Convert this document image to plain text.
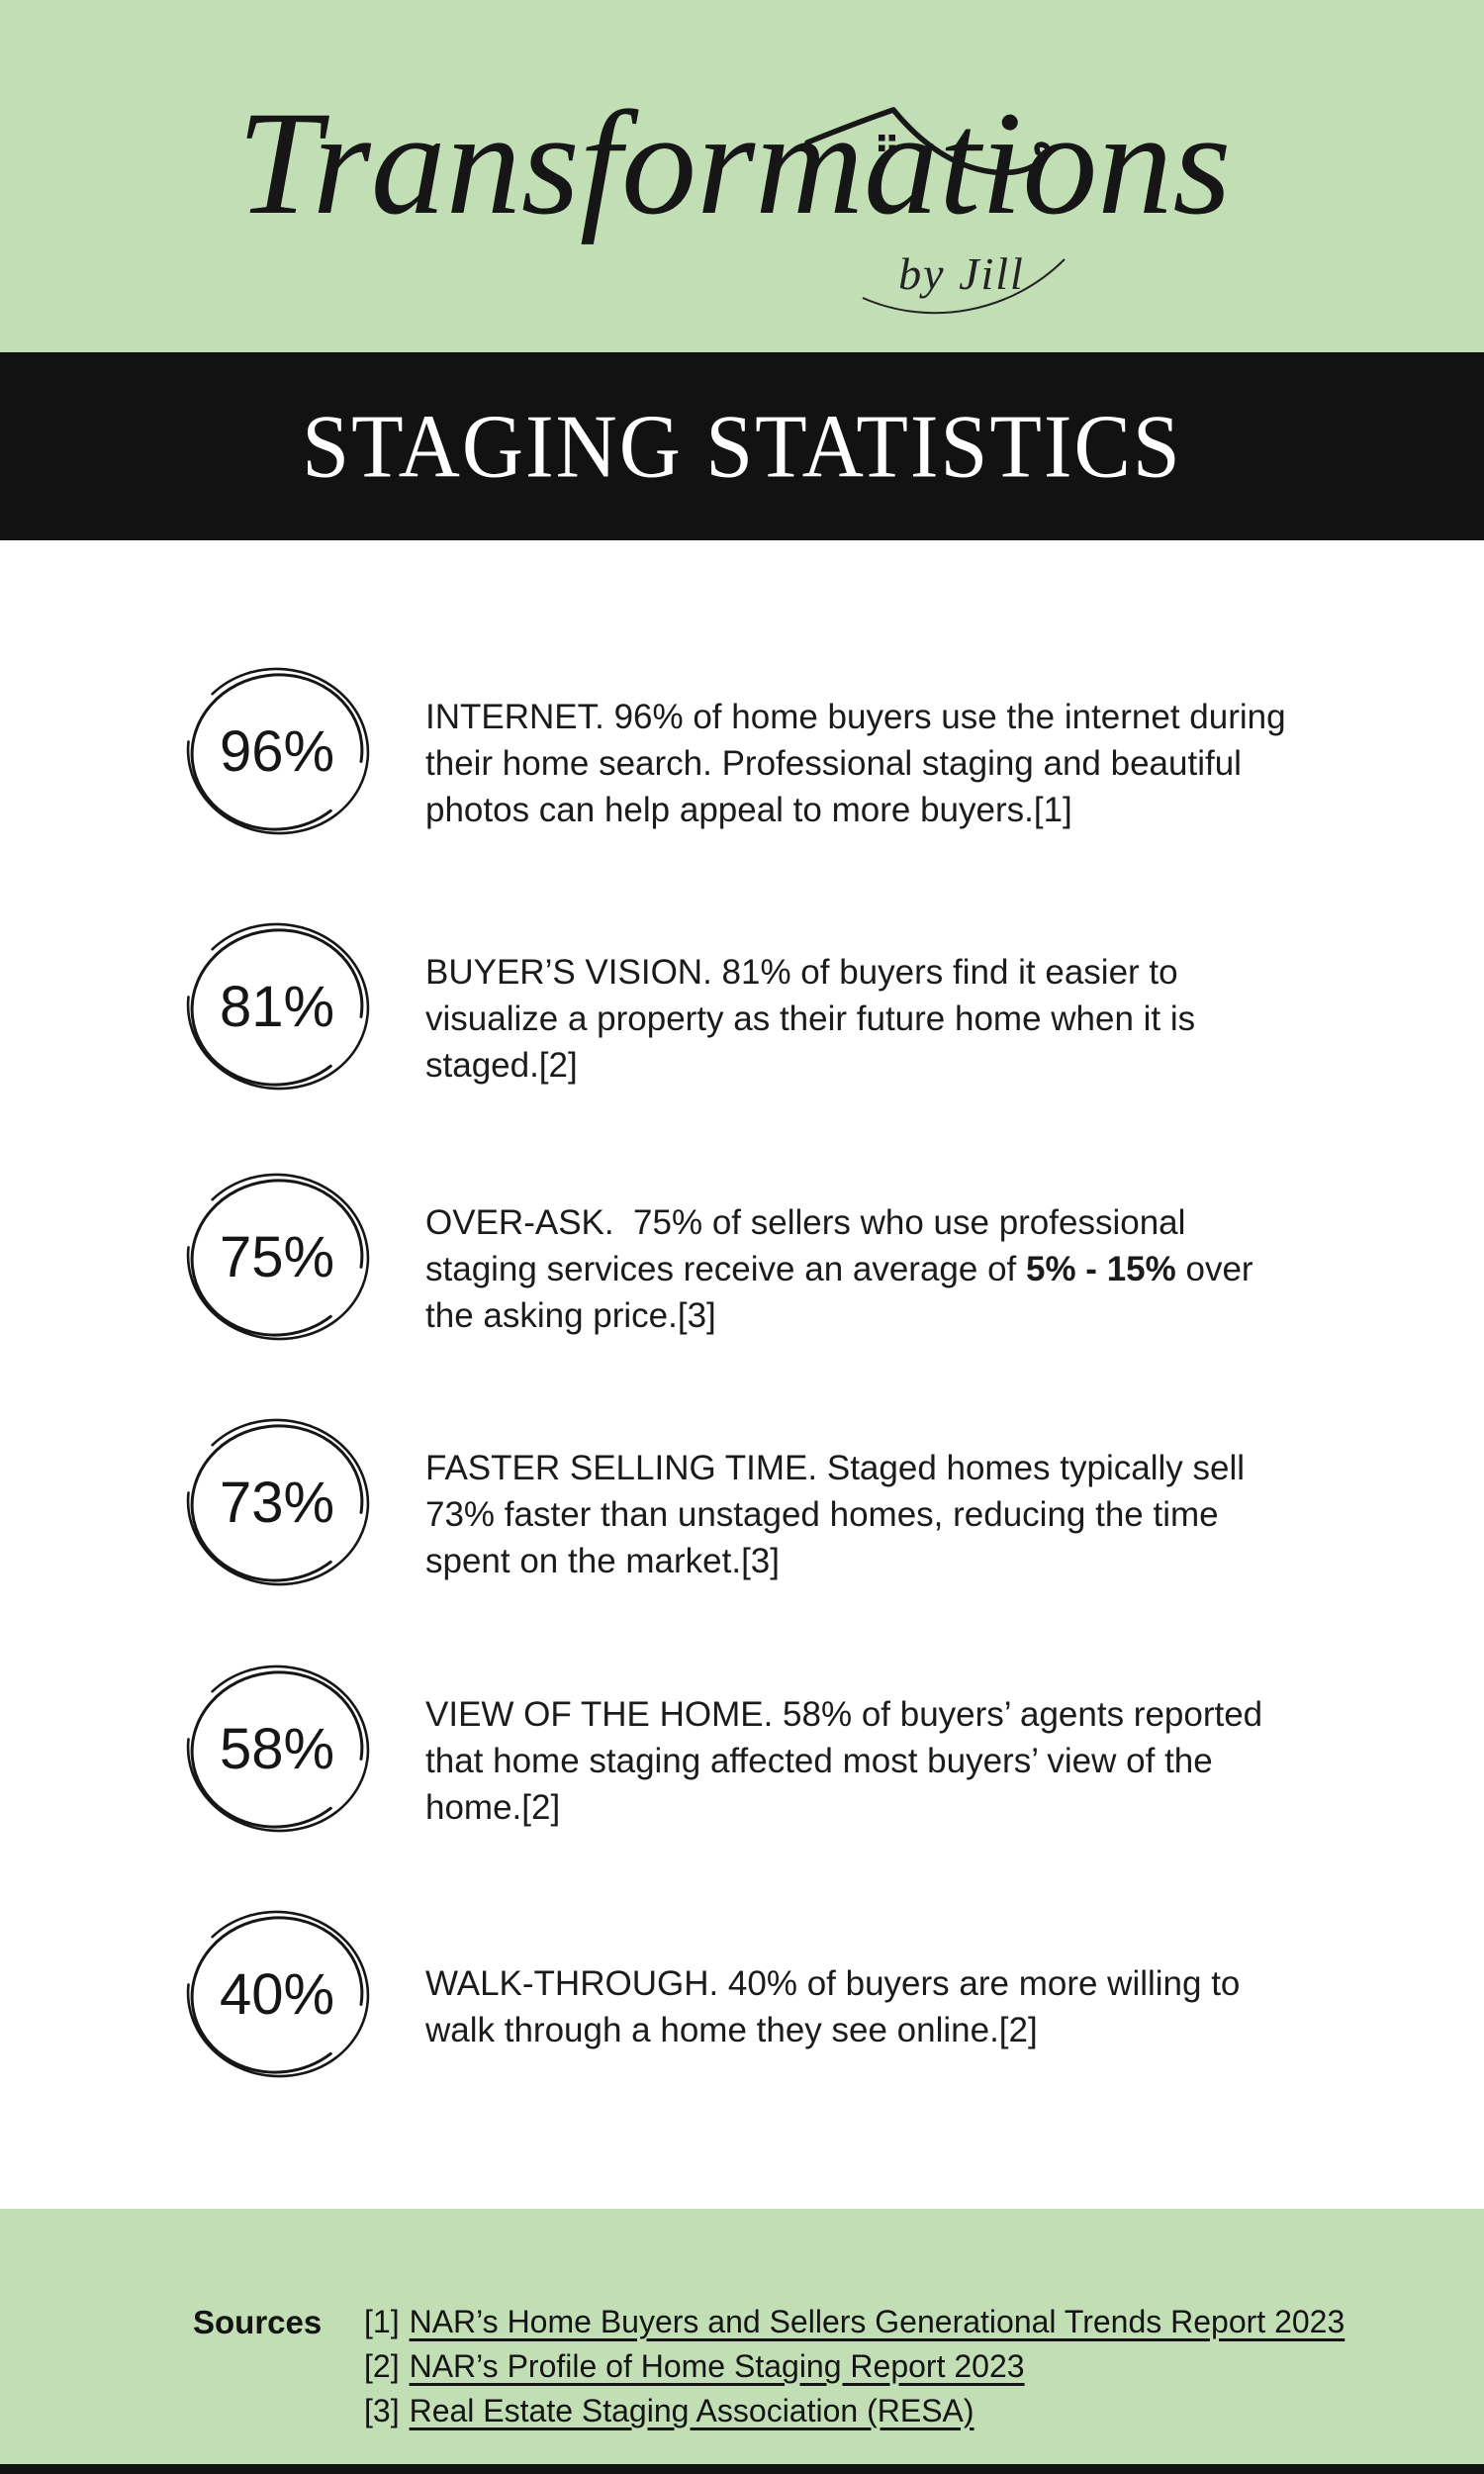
Transformations
by Jill
STAGING STATISTICS
96%
INTERNET. 96% of home buyers use the internet during
their home search. Professional staging and beautiful
photos can help appeal to more buyers.[1]
81%
BUYER’S VISION. 81% of buyers find it easier to
visualize a property as their future home when it is
staged.[2]
75%
OVER-ASK.  75% of sellers who use professional
staging services receive an average of 5% - 15% over
the asking price.[3]
73%
FASTER SELLING TIME. Staged homes typically sell
73% faster than unstaged homes, reducing the time
spent on the market.[3]
58%
VIEW OF THE HOME. 58% of buyers’ agents reported
that home staging affected most buyers’ view of the
home.[2]
40%	WALK-THROUGH. 40% of buyers are more willing to
walk through a home they see online.[2]
Sources [1] NAR’s Home Buyers and Sellers Generational Trends Report 2023
[2] NAR’s Profile of Home Staging Report 2023
[3] Real Estate Staging Association (RESA)
